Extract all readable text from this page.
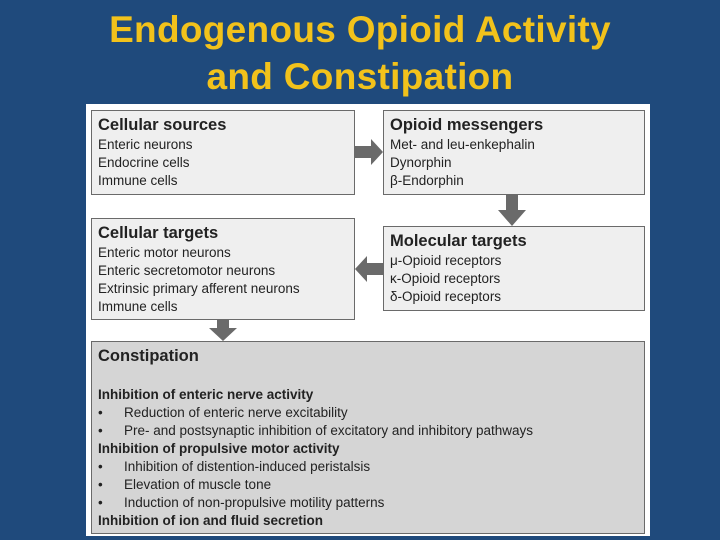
Endogenous Opioid Activity
and Constipation
Cellular sources
Enteric neurons
Endocrine cells
Immune cells
Opioid messengers
Met- and leu-enkephalin
Dynorphin
β-Endorphin
Cellular targets
Enteric motor neurons
Enteric secretomotor neurons
Extrinsic primary afferent neurons
Immune cells
Molecular targets
μ-Opioid receptors
κ-Opioid receptors
δ-Opioid receptors
Constipation
Inhibition of enteric nerve activity
• Reduction of enteric nerve excitability
• Pre- and postsynaptic inhibition of excitatory and inhibitory pathways
Inhibition of propulsive motor activity
• Inhibition of distention-induced peristalsis
• Elevation of muscle tone
• Induction of non-propulsive motility patterns
Inhibition of ion and fluid secretion
